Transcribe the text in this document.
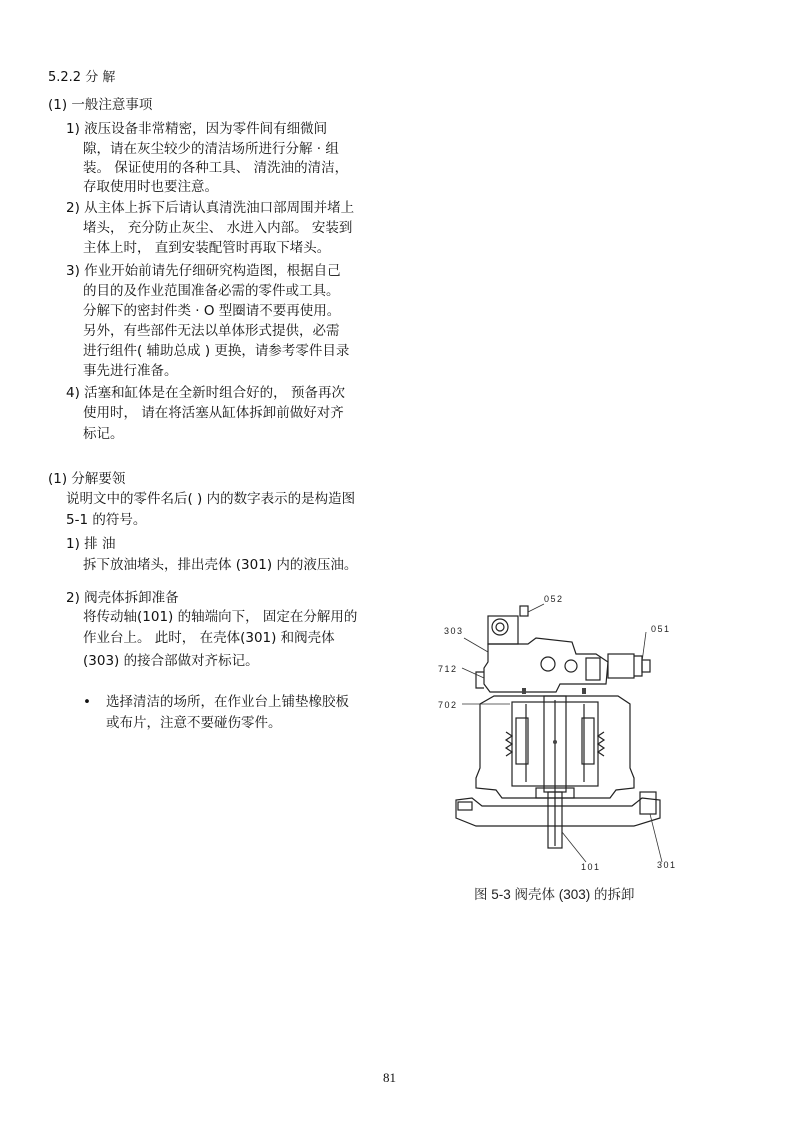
5.2.2 分 解
(1) 一般注意事项
1) 液压设备非常精密，因为零件间有细微间
隙，请在灰尘较少的清洁场所进行分解 · 组
装。 保证使用的各种工具、 清洗油的清洁，
存取使用时也要注意。
2) 从主体上拆下后请认真清洗油口部周围并堵上
堵头， 充分防止灰尘、 水进入内部。 安装到
主体上时， 直到安装配管时再取下堵头。
3) 作业开始前请先仔细研究构造图，根据自己
的目的及作业范围准备必需的零件或工具。
分解下的密封件类 · O 型圈请不要再使用。
另外，有些部件无法以单体形式提供，必需
进行组件( 辅助总成 ) 更换，请参考零件目录
事先进行准备。
4) 活塞和缸体是在全新时组合好的， 预备再次
使用时， 请在将活塞从缸体拆卸前做好对齐
标记。
(1) 分解要领
说明文中的零件名后( ) 内的数字表示的是构造图
5-1 的符号。
1) 排 油
拆下放油堵头，排出壳体 (301) 内的液压油。
2) 阀壳体拆卸准备
将传动轴(101) 的轴端向下， 固定在分解用的
作业台上。 此时， 在壳体(301) 和阀壳体
(303) 的接合部做对齐标记。
• 选择清洁的场所，在作业台上铺垫橡胶板
或布片，注意不要碰伤零件。
052
303	051
712
702
101	301
图 5-3 阀壳体 (303) 的拆卸
81
